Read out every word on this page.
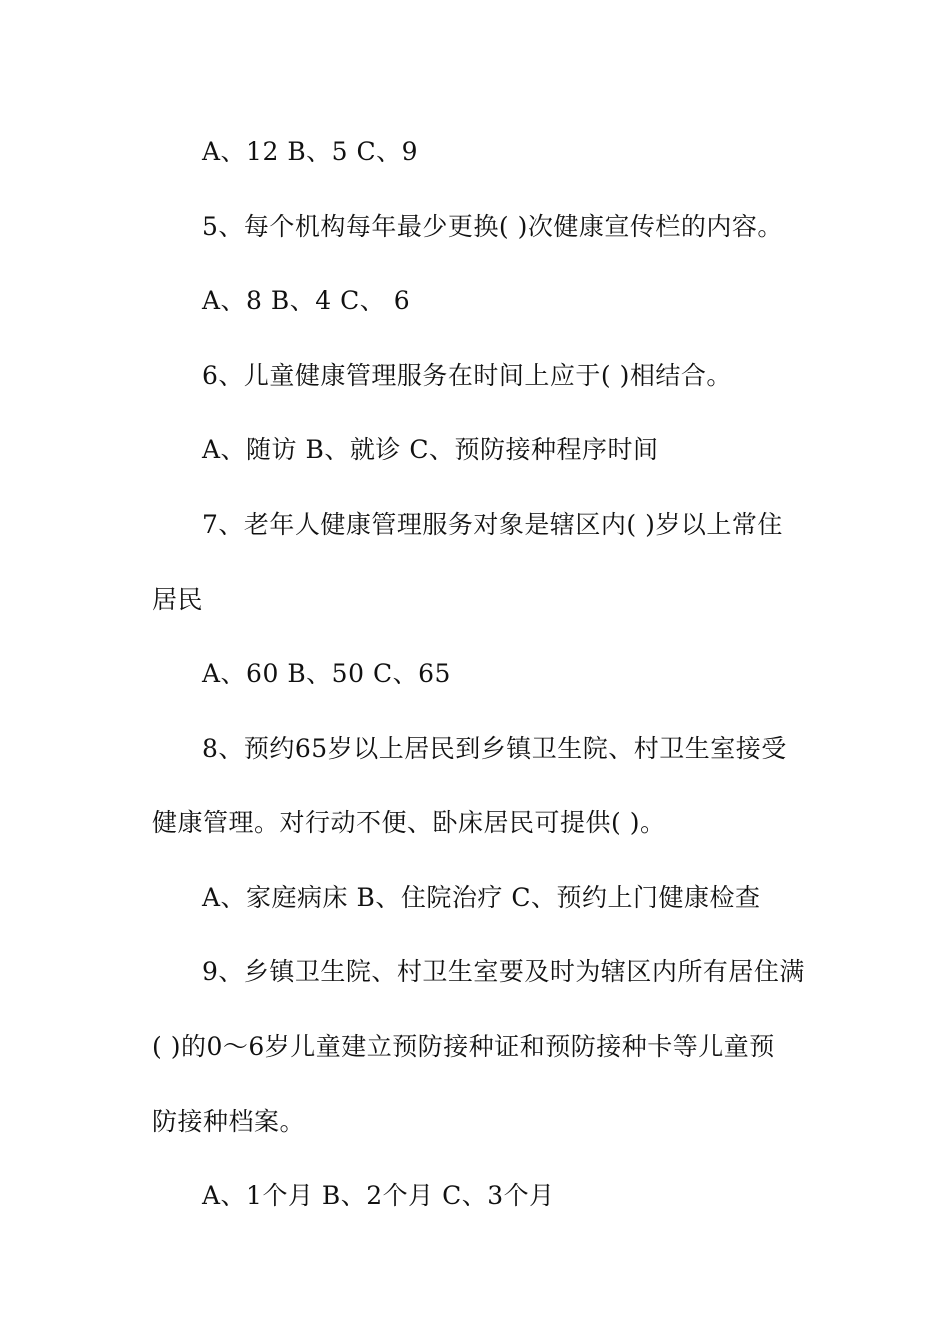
A、12 B、5 C、9
5、每个机构每年最少更换( )次健康宣传栏的内容。
A、8 B、4 C、 6
6、儿童健康管理服务在时间上应于( )相结合。
A、随访 B、就诊 C、预防接种程序时间
7、老年人健康管理服务对象是辖区内( )岁以上常住
居民
A、60 B、50 C、65
8、预约65岁以上居民到乡镇卫生院、村卫生室接受
健康管理。对行动不便、卧床居民可提供( )。
A、家庭病床 B、住院治疗 C、预约上门健康检查
9、乡镇卫生院、村卫生室要及时为辖区内所有居住满
( )的0～6岁儿童建立预防接种证和预防接种卡等儿童预
防接种档案。
A、1个月 B、2个月 C、3个月
